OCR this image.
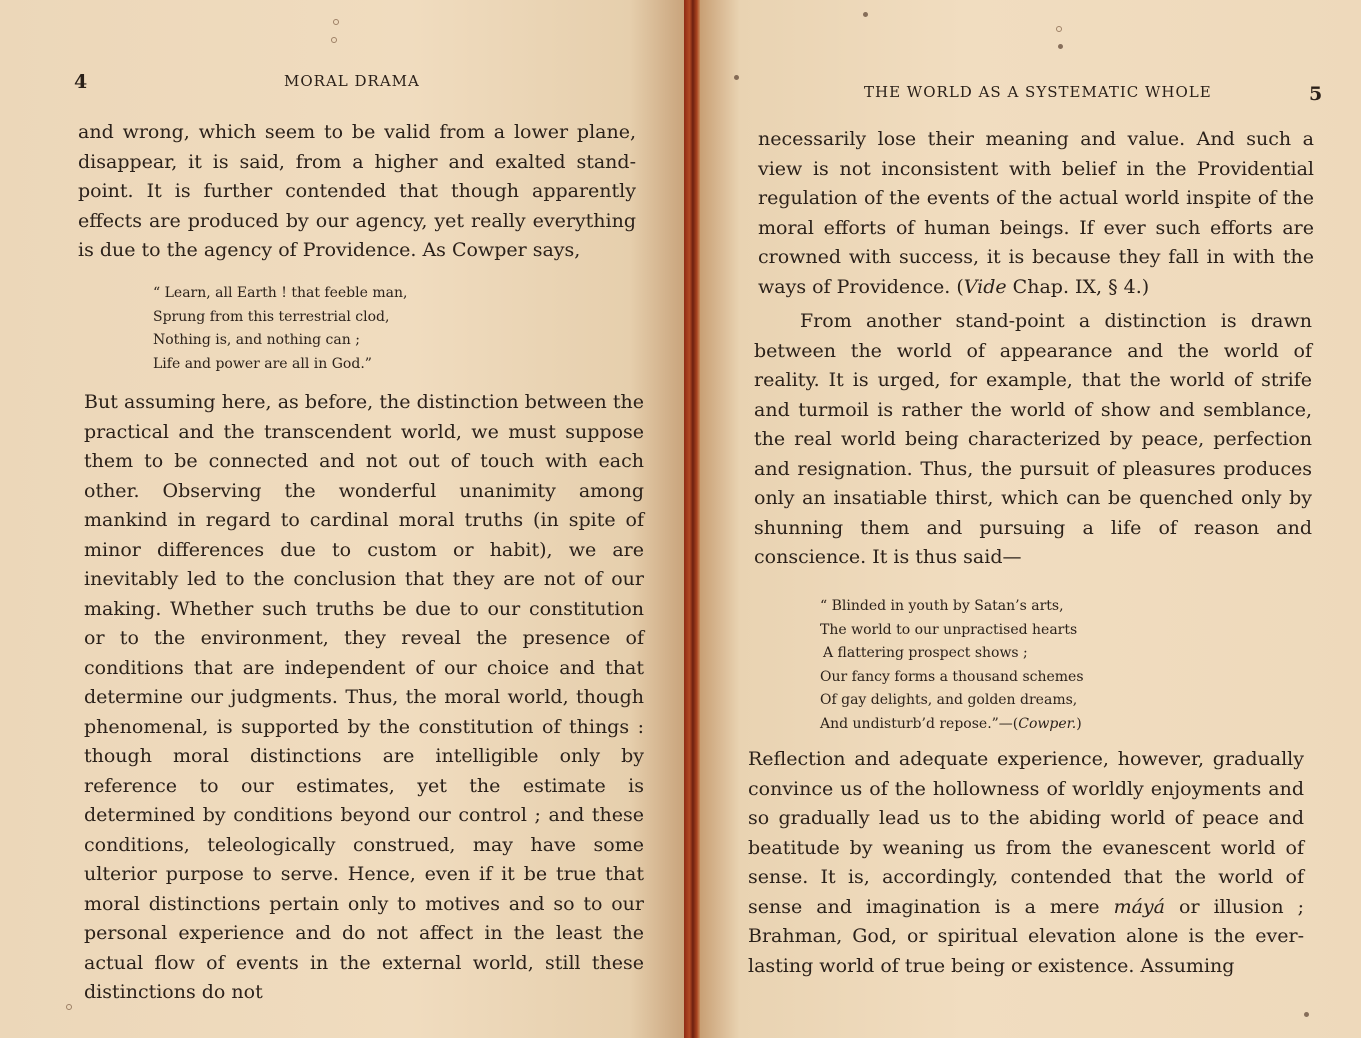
4	MORAL DRAMA

and wrong, which seem to be valid from a lower plane, disappear, it is said, from a higher and exalted stand-point. It is further contended that though apparently effects are produced by our agency, yet really everything is due to the agency of Providence. As Cowper says,

“ Learn, all Earth ! that feeble man,
Sprung from this terrestrial clod,
Nothing is, and nothing can ;
Life and power are all in God.”

But assuming here, as before, the distinction between the practical and the transcendent world, we must suppose them to be connected and not out of touch with each other. Observing the wonderful unanimity among mankind in regard to cardinal moral truths (in spite of minor differences due to custom or habit), we are inevitably led to the conclusion that they are not of our making. Whether such truths be due to our constitution or to the environment, they reveal the presence of conditions that are independent of our choice and that determine our judgments. Thus, the moral world, though phenomenal, is supported by the constitution of things : though moral distinctions are intelligible only by reference to our estimates, yet the estimate is determined by conditions beyond our control ; and these conditions, teleologically construed, may have some ulterior purpose to serve. Hence, even if it be true that moral distinctions pertain only to motives and so to our personal experience and do not affect in the least the actual flow of events in the external world, still these distinctions do not

THE WORLD AS A SYSTEMATIC WHOLE	5

necessarily lose their meaning and value. And such a view is not inconsistent with belief in the Providential regulation of the events of the actual world inspite of the moral efforts of human beings. If ever such efforts are crowned with success, it is because they fall in with the ways of Providence. (Vide Chap. IX, § 4.)

From another stand-point a distinction is drawn between the world of appearance and the world of reality. It is urged, for example, that the world of strife and turmoil is rather the world of show and semblance, the real world being characterized by peace, perfection and resignation. Thus, the pursuit of pleasures produces only an insatiable thirst, which can be quenched only by shunning them and pursuing a life of reason and conscience. It is thus said—

“ Blinded in youth by Satan’s arts,
The world to our unpractised hearts
A flattering prospect shows ;
Our fancy forms a thousand schemes
Of gay delights, and golden dreams,
And undisturb’d repose.”—(Cowper.)

Reflection and adequate experience, however, gradually convince us of the hollowness of worldly enjoyments and so gradually lead us to the abiding world of peace and beatitude by weaning us from the evanescent world of sense. It is, accordingly, contended that the world of sense and imagination is a mere máyá or illusion ; Brahman, God, or spiritual elevation alone is the ever-lasting world of true being or existence. Assuming
